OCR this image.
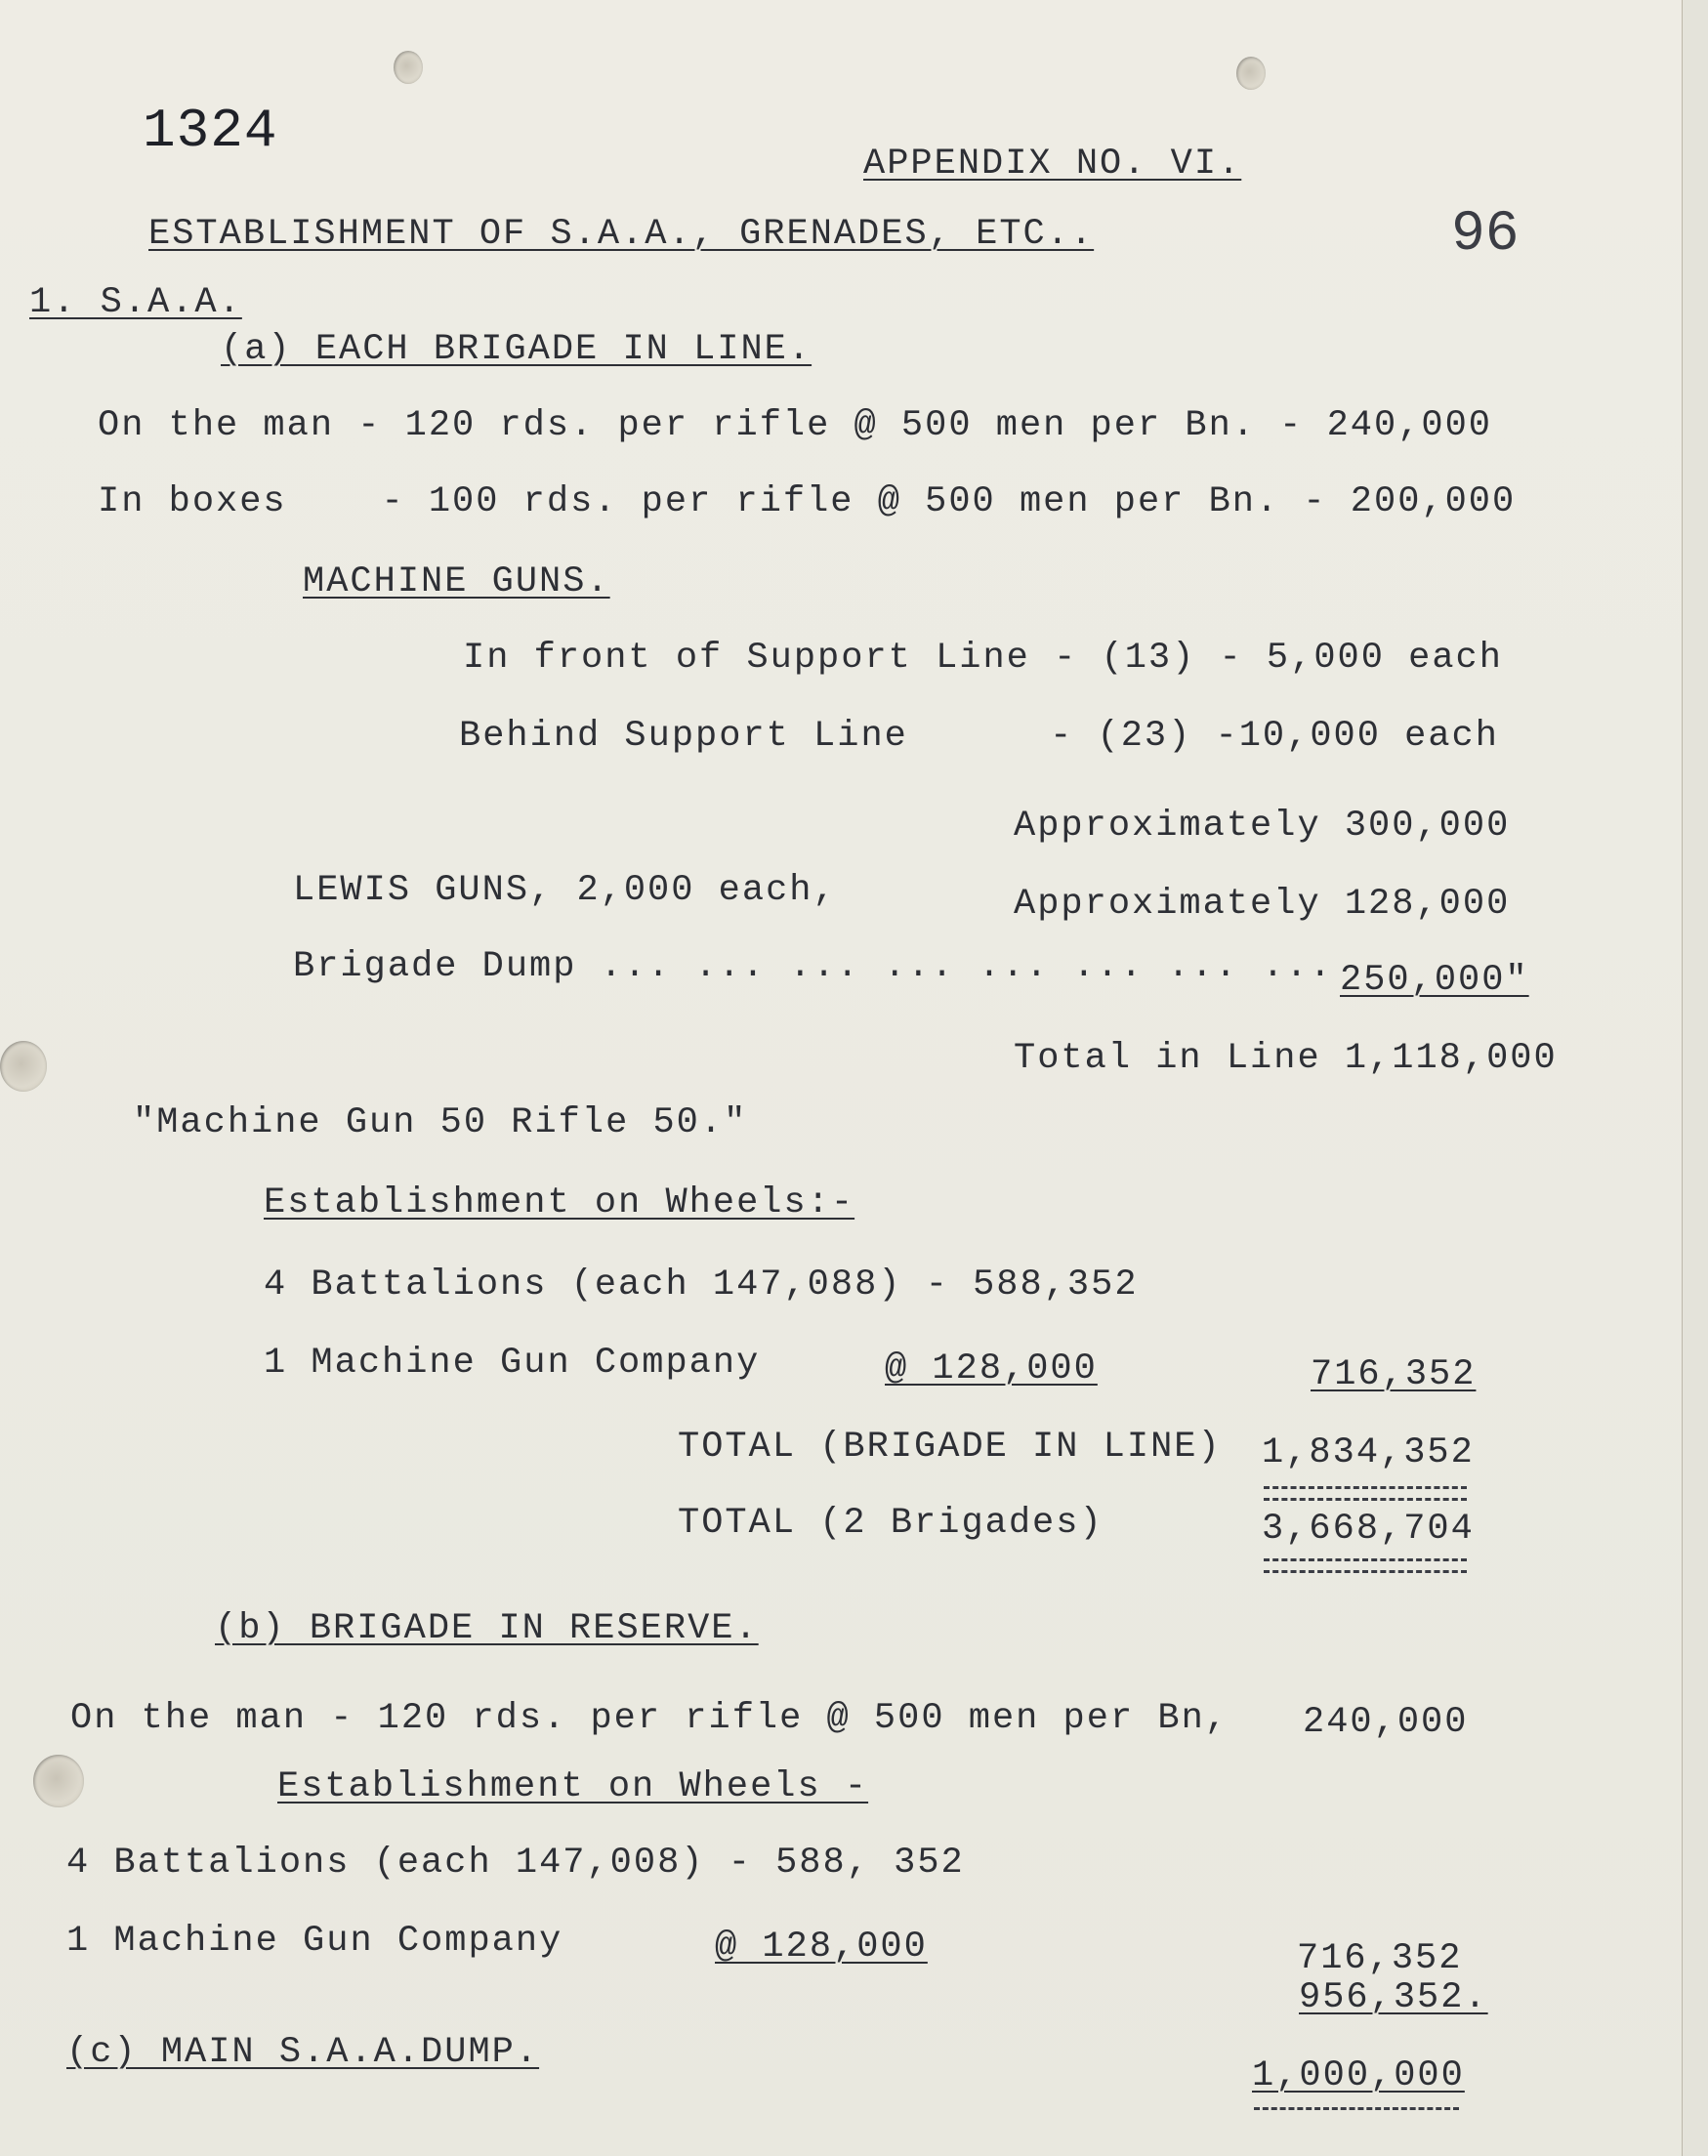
1324
APPENDIX NO. VI.
96
ESTABLISHMENT OF S.A.A., GRENADES, ETC..
1. S.A.A.
(a) EACH BRIGADE IN LINE.
On the man - 120 rds. per rifle @ 500 men per Bn. - 240,000
In boxes    - 100 rds. per rifle @ 500 men per Bn. - 200,000
MACHINE GUNS.
In front of Support Line - (13) - 5,000 each
Behind Support Line      - (23) -10,000 each
Approximately 300,000
LEWIS GUNS, 2,000 each,	Approximately 128,000
Brigade Dump ... ... ... ... ... ... ... ... 250,000"
Total in Line 1,118,000
"Machine Gun 50 Rifle 50."
Establishment on Wheels:-
4 Battalions (each 147,088) - 588,352
1 Machine Gun Company	@ 128,000	716,352
TOTAL (BRIGADE IN LINE) 1,834,352
TOTAL (2 Brigades)	3,668,704
(b) BRIGADE IN RESERVE.
On the man - 120 rds. per rifle @ 500 men per Bn, 240,000
Establishment on Wheels -
4 Battalions (each 147,008) - 588, 352
1 Machine Gun Company	@ 128,000	716,352
956,352.
(c) MAIN S.A.A.DUMP.
1,000,000
